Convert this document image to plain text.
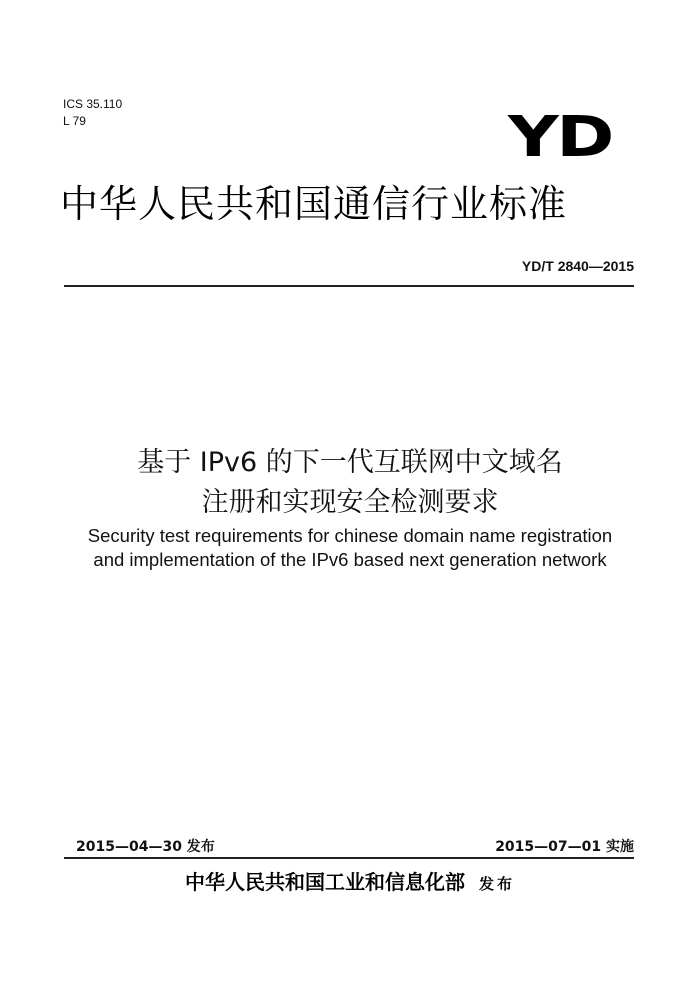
ICS 35.110
L 79	YD
中华人民共和国通信行业标准
YD/T 2840—2015
基于 IPv6 的下一代互联网中文域名
注册和实现安全检测要求
Security test requirements for chinese domain name registration
and implementation of the IPv6 based next generation network
2015—04—30 发布	2015—07—01 实施
中华人民共和国工业和信息化部 发布
